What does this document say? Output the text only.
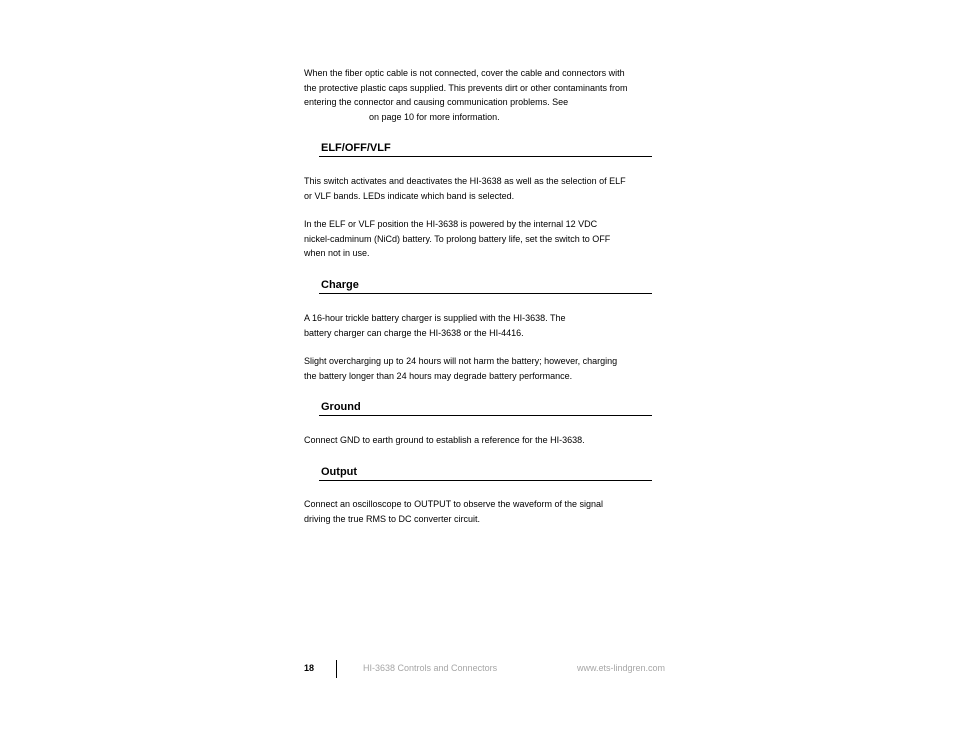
When the fiber optic cable is not connected, cover the cable and connectors with
the protective plastic caps supplied. This prevents dirt or other contaminants from
entering the connector and causing communication problems. See
on page 10 for more information.

ELF/OFF/VLF

This switch activates and deactivates the HI-3638 as well as the selection of ELF
or VLF bands. LEDs indicate which band is selected.

In the ELF or VLF position the HI-3638 is powered by the internal 12 VDC
nickel-cadminum (NiCd) battery. To prolong battery life, set the switch to OFF
when not in use.

Charge

A 16-hour trickle battery charger is supplied with the HI-3638. The
battery charger can charge the HI-3638 or the HI-4416.

Slight overcharging up to 24 hours will not harm the battery; however, charging
the battery longer than 24 hours may degrade battery performance.

Ground

Connect GND to earth ground to establish a reference for the HI-3638.

Output

Connect an oscilloscope to OUTPUT to observe the waveform of the signal
driving the true RMS to DC converter circuit.

18	HI-3638 Controls and Connectors	www.ets-lindgren.com
